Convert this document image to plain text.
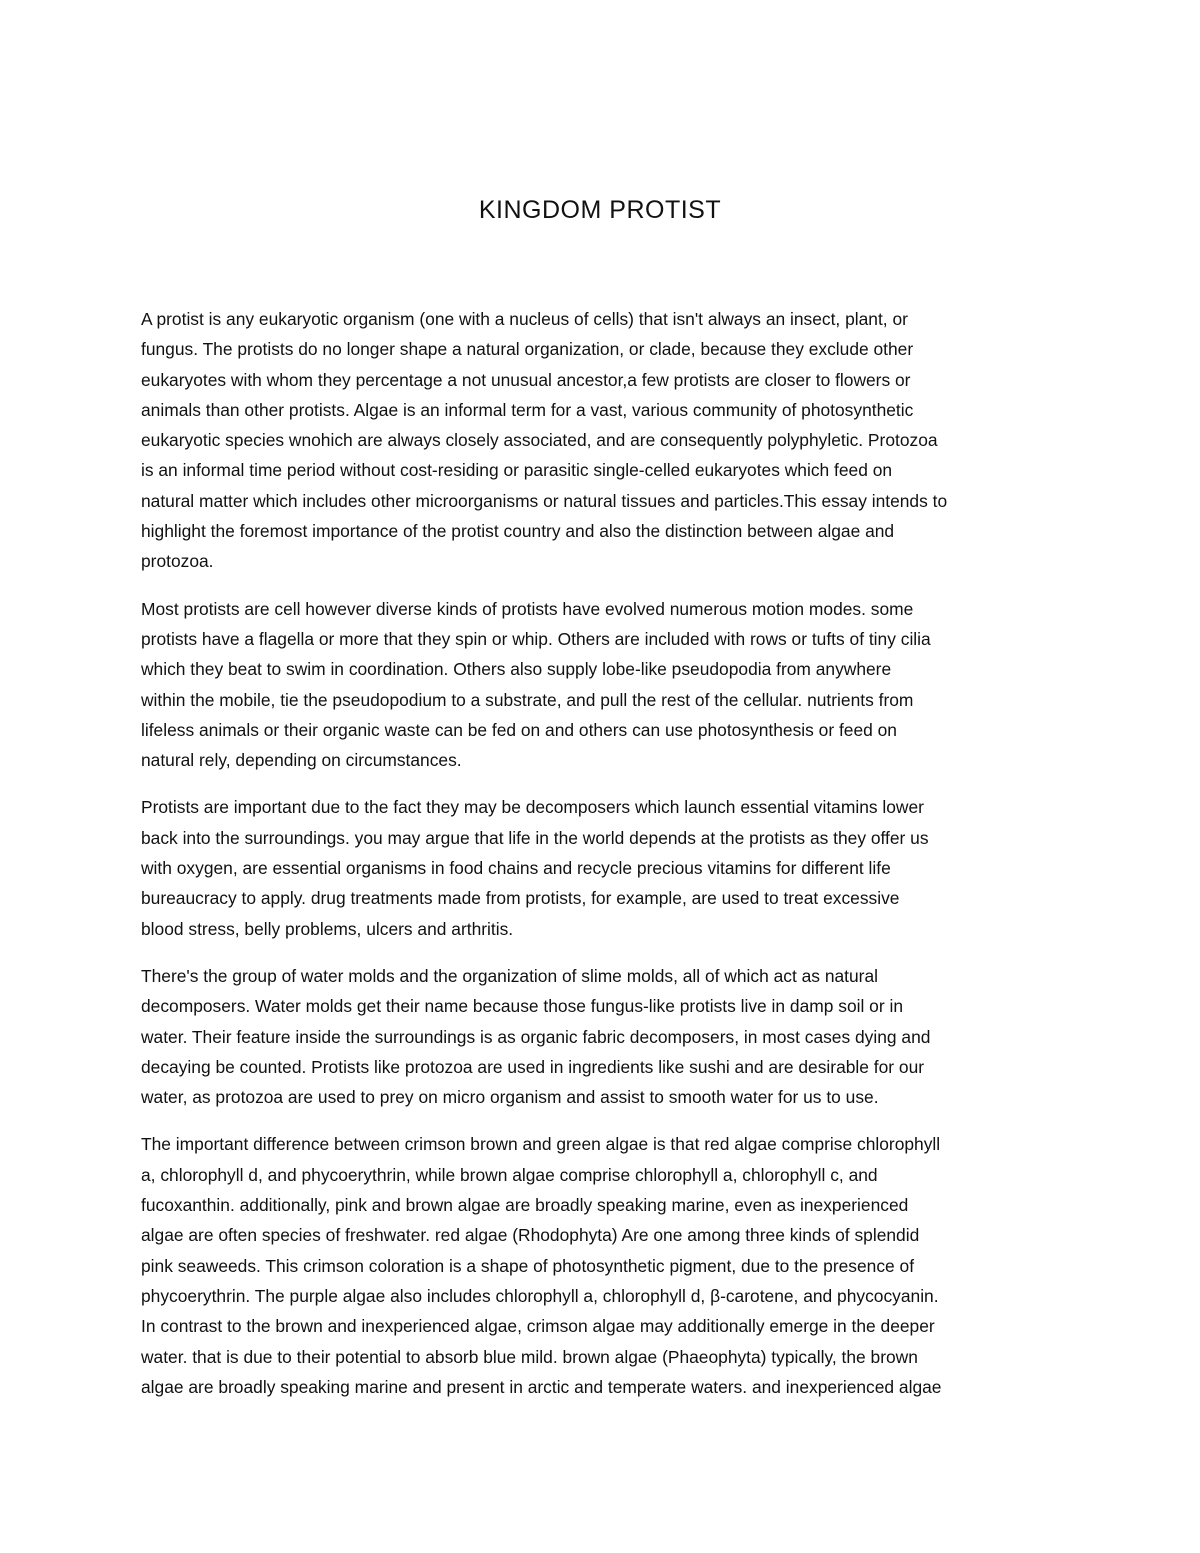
KINGDOM PROTIST

A protist is any eukaryotic organism (one with a nucleus of cells) that isn't always an insect, plant, or
fungus. The protists do no longer shape a natural organization, or clade, because they exclude other
eukaryotes with whom they percentage a not unusual ancestor,a few protists are closer to flowers or
animals than other protists. Algae is an informal term for a vast, various community of photosynthetic
eukaryotic species wnohich are always closely associated, and are consequently polyphyletic. Protozoa
is an informal time period without cost-residing or parasitic single-celled eukaryotes which feed on
natural matter which includes other microorganisms or natural tissues and particles.This essay intends to
highlight the foremost importance of the protist country and also the distinction between algae and
protozoa.

Most protists are cell however diverse kinds of protists have evolved numerous motion modes. some
protists have a flagella or more that they spin or whip. Others are included with rows or tufts of tiny cilia
which they beat to swim in coordination. Others also supply lobe-like pseudopodia from anywhere
within the mobile, tie the pseudopodium to a substrate, and pull the rest of the cellular. nutrients from
lifeless animals or their organic waste can be fed on and others can use photosynthesis or feed on
natural rely, depending on circumstances.

Protists are important due to the fact they may be decomposers which launch essential vitamins lower
back into the surroundings. you may argue that life in the world depends at the protists as they offer us
with oxygen, are essential organisms in food chains and recycle precious vitamins for different life
bureaucracy to apply. drug treatments made from protists, for example, are used to treat excessive
blood stress, belly problems, ulcers and arthritis.

There's the group of water molds and the organization of slime molds, all of which act as natural
decomposers. Water molds get their name because those fungus-like protists live in damp soil or in
water. Their feature inside the surroundings is as organic fabric decomposers, in most cases dying and
decaying be counted. Protists like protozoa are used in ingredients like sushi and are desirable for our
water, as protozoa are used to prey on micro organism and assist to smooth water for us to use.

The important difference between crimson brown and green algae is that red algae comprise chlorophyll
a, chlorophyll d, and phycoerythrin, while brown algae comprise chlorophyll a, chlorophyll c, and
fucoxanthin. additionally, pink and brown algae are broadly speaking marine, even as inexperienced
algae are often species of freshwater. red algae (Rhodophyta) Are one among three kinds of splendid
pink seaweeds. This crimson coloration is a shape of photosynthetic pigment, due to the presence of
phycoerythrin. The purple algae also includes chlorophyll a, chlorophyll d, β-carotene, and phycocyanin.
In contrast to the brown and inexperienced algae, crimson algae may additionally emerge in the deeper
water. that is due to their potential to absorb blue mild. brown algae (Phaeophyta) typically, the brown
algae are broadly speaking marine and present in arctic and temperate waters. and inexperienced algae
